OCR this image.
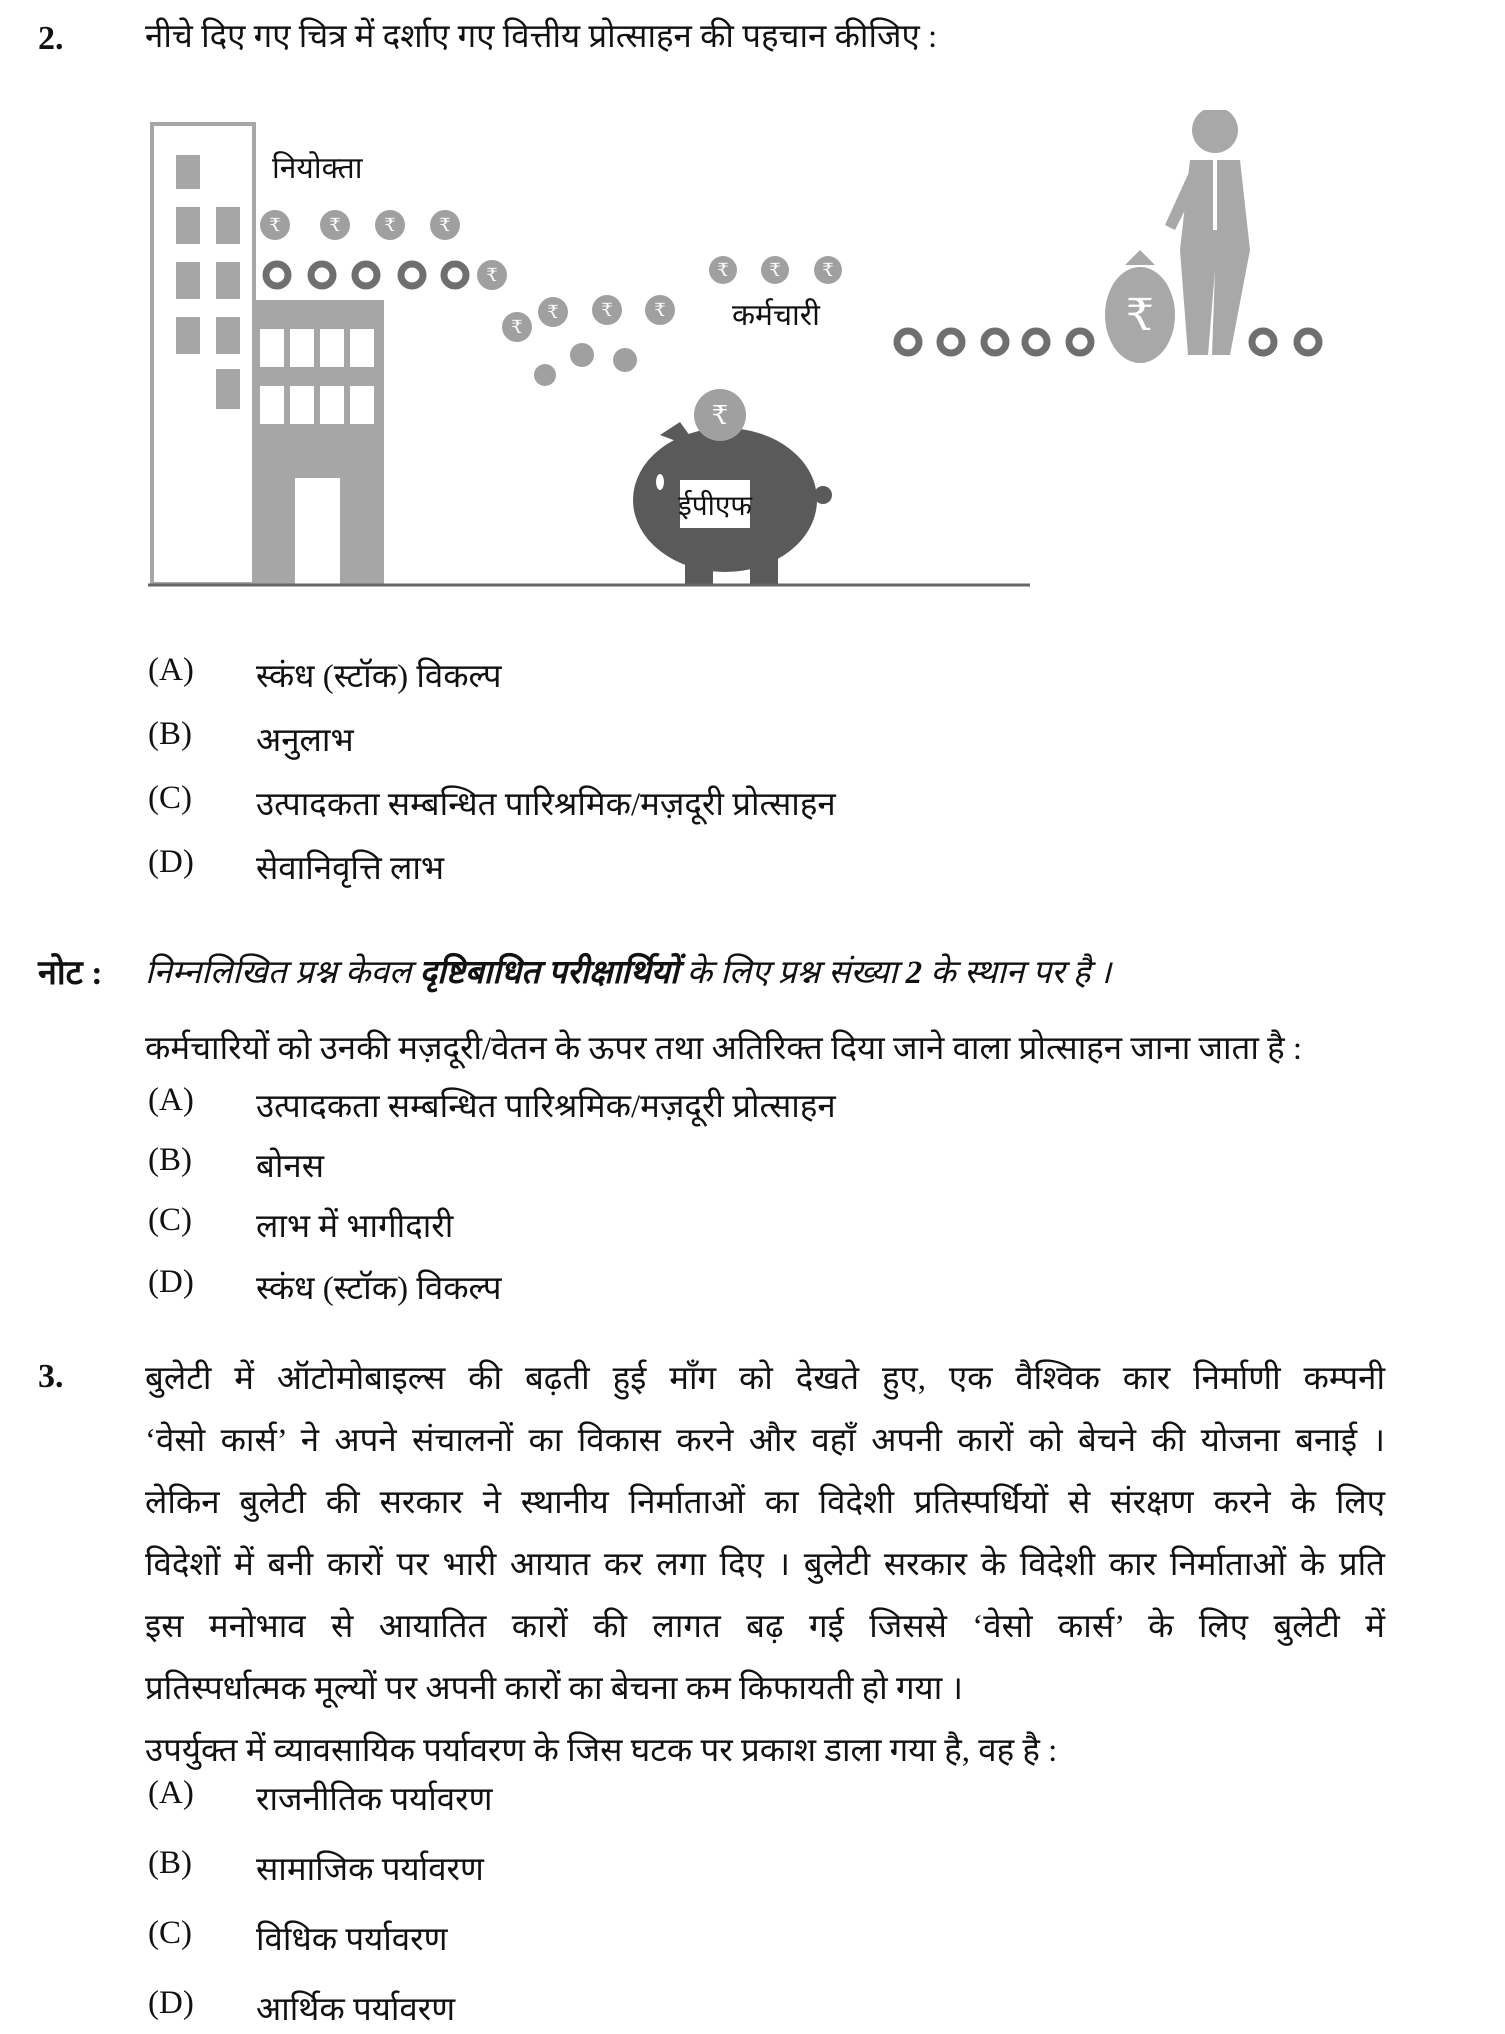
2. नीचे दिए गए चित्र में दर्शाए गए वित्तीय प्रोत्साहन की पहचान कीजिए :
नियोक्ता
कर्मचारी
₹	₹ ₹ ₹
₹
₹
₹ ₹ ₹
₹ ₹ ₹
₹
ईपीएफ
₹
(A)	स्कंध (स्टॉक) विकल्प
(B)	अनुलाभ
(C)	उत्पादकता सम्बन्धित पारिश्रमिक/मज़दूरी प्रोत्साहन
(D)	सेवानिवृत्ति लाभ
नोट : निम्नलिखित प्रश्न केवल दृष्टिबाधित परीक्षार्थियों के लिए प्रश्न संख्या 2 के स्थान पर है ।
कर्मचारियों को उनकी मज़दूरी/वेतन के ऊपर तथा अतिरिक्त दिया जाने वाला प्रोत्साहन जाना जाता है :
(A)	उत्पादकता सम्बन्धित पारिश्रमिक/मज़दूरी प्रोत्साहन
(B)	बोनस
(C)	लाभ में भागीदारी
(D)	स्कंध (स्टॉक) विकल्प
3. बुलेटी में ऑटोमोबाइल्स की बढ़ती हुई माँग को देखते हुए, एक वैश्विक कार निर्माणी कम्पनी
‘वेसो कार्स’ ने अपने संचालनों का विकास करने और वहाँ अपनी कारों को बेचने की योजना बनाई ।
लेकिन बुलेटी की सरकार ने स्थानीय निर्माताओं का विदेशी प्रतिस्पर्धियों से संरक्षण करने के लिए
विदेशों में बनी कारों पर भारी आयात कर लगा दिए । बुलेटी सरकार के विदेशी कार निर्माताओं के प्रति
इस मनोभाव से आयातित कारों की लागत बढ़ गई जिससे ‘वेसो कार्स’ के लिए बुलेटी में
प्रतिस्पर्धात्मक मूल्यों पर अपनी कारों का बेचना कम किफायती हो गया ।
उपर्युक्त में व्यावसायिक पर्यावरण के जिस घटक पर प्रकाश डाला गया है, वह है :
(A)	राजनीतिक पर्यावरण
(B)	सामाजिक पर्यावरण
(C)	विधिक पर्यावरण
(D)	आर्थिक पर्यावरण
